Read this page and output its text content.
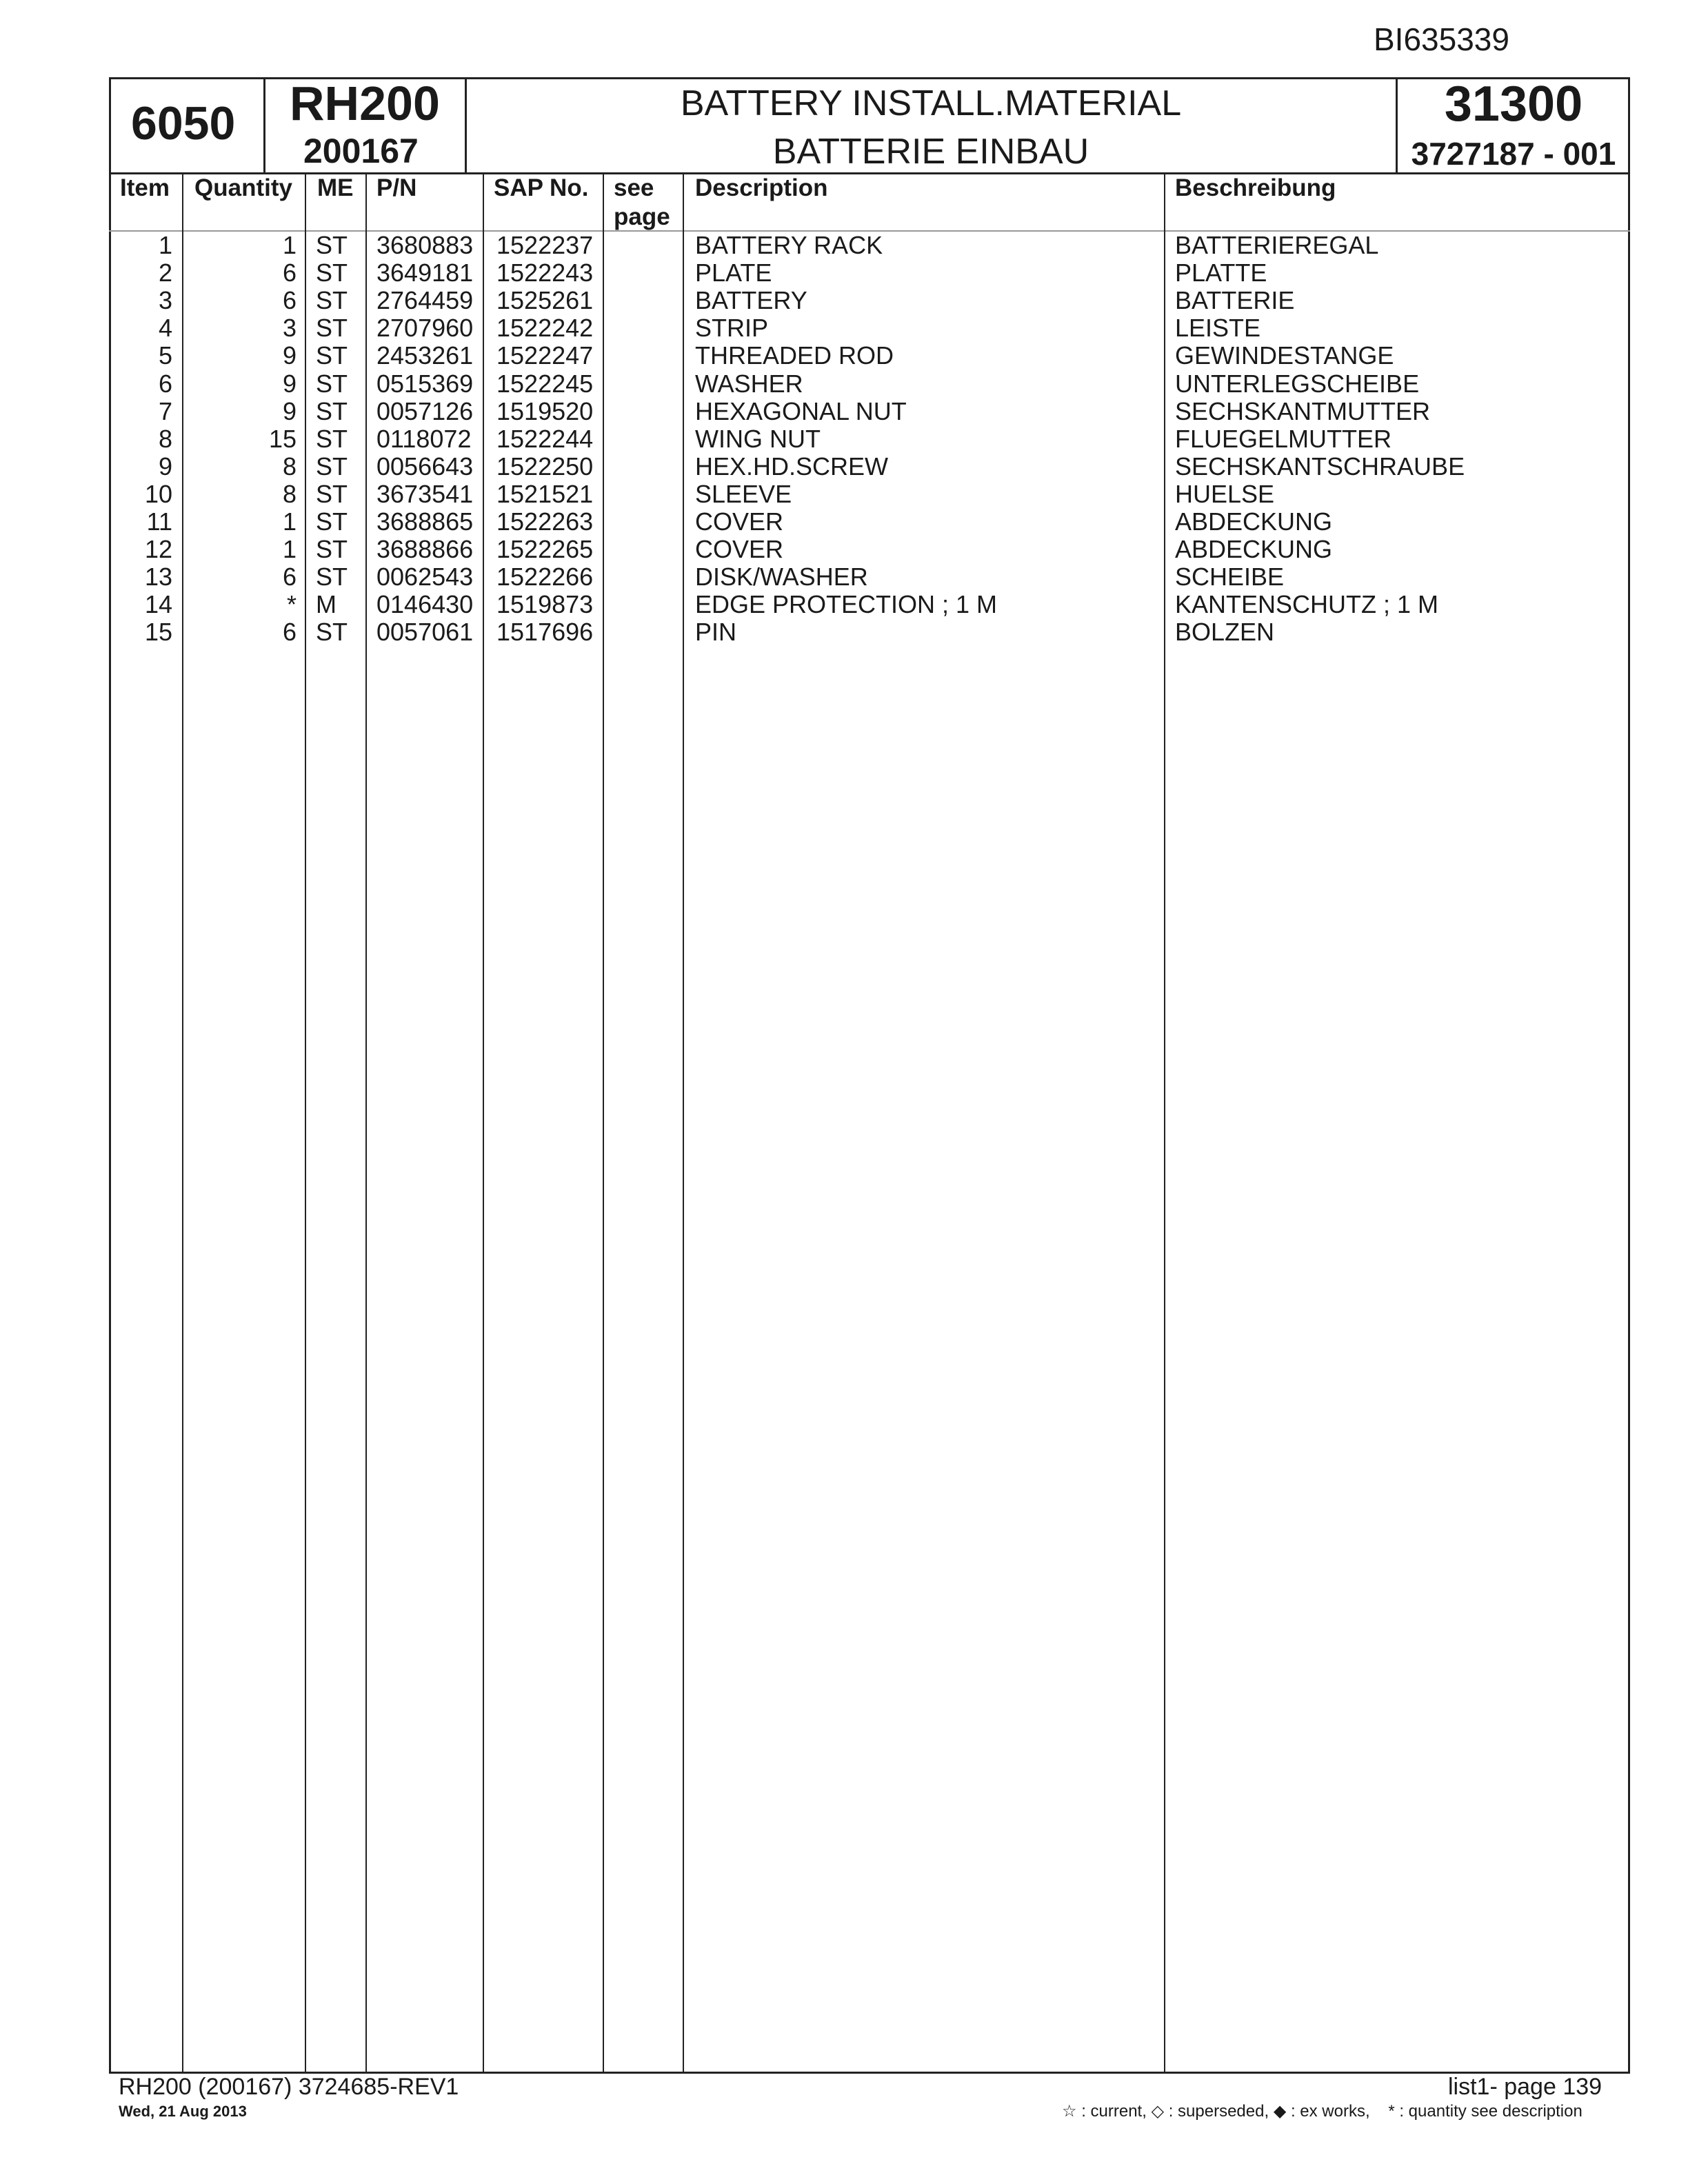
BI635339
6050 RH200
200167
BATTERY INSTALL.MATERIAL
BATTERIE EINBAU
31300
3727187 - 001
Item Quantity ME P/N	SAP No. see
page
Description	Beschreibung
1	1 ST	3680883 1522237	BATTERY RACK	BATTERIEREGAL
2	6 ST	3649181 1522243	PLATE	PLATTE
3	6 ST	2764459 1525261	BATTERY	BATTERIE
4	3 ST	2707960 1522242	STRIP	LEISTE
5	9 ST	2453261 1522247	THREADED ROD	GEWINDESTANGE
6	9 ST	0515369 1522245	WASHER	UNTERLEGSCHEIBE
7	9 ST	0057126 1519520	HEXAGONAL NUT	SECHSKANTMUTTER
8	15 ST	0118072	1522244	WING NUT	FLUEGELMUTTER
9	8 ST	0056643 1522250	HEX.HD.SCREW	SECHSKANTSCHRAUBE
10	8 ST	3673541 1521521	SLEEVE	HUELSE
11	1 ST	3688865 1522263	COVER	ABDECKUNG
12	1 ST	3688866 1522265	COVER	ABDECKUNG
13	6 ST	0062543 1522266	DISK/WASHER	SCHEIBE
14	* M	0146430 1519873	EDGE PROTECTION ; 1 M	KANTENSCHUTZ ; 1 M
15	6 ST	0057061 1517696	PIN	BOLZEN
RH200 (200167) 3724685-REV1
Wed, 21 Aug 2013
list1- page 139
☆ : current, ◇ : superseded, ◆ : ex works, * : quantity see description
